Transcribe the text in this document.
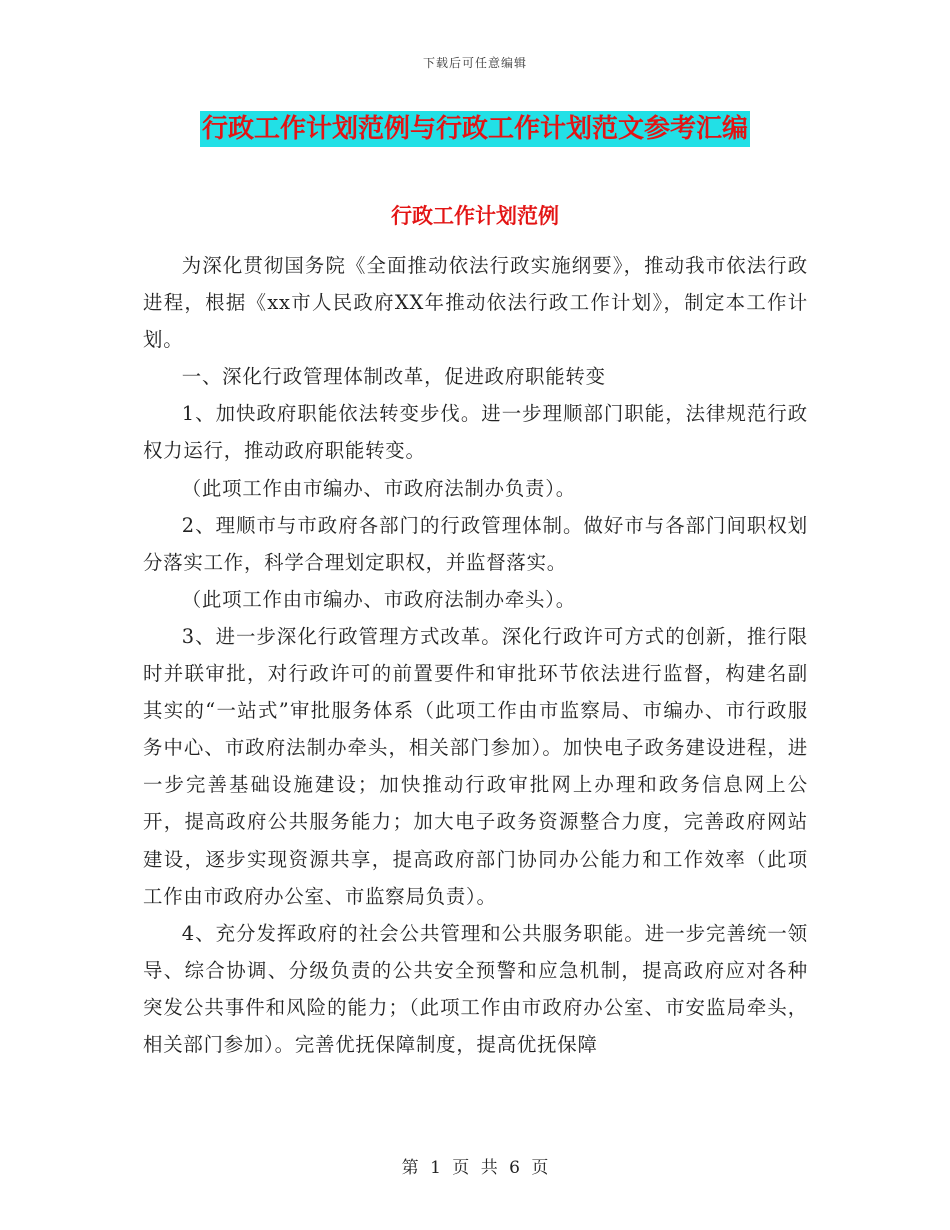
下载后可任意编辑
行政工作计划范例与行政工作计划范文参考汇编
行政工作计划范例

为深化贯彻国务院《全面推动依法行政实施纲要》，推动我市依法行政进程，根据《xx市人民政府XX年推动依法行政工作计划》，制定本工作计划。

一、深化行政管理体制改革，促进政府职能转变

1、加快政府职能依法转变步伐。进一步理顺部门职能，法律规范行政权力运行，推动政府职能转变。

（此项工作由市编办、市政府法制办负责）。

2、理顺市与市政府各部门的行政管理体制。做好市与各部门间职权划分落实工作，科学合理划定职权，并监督落实。

（此项工作由市编办、市政府法制办牵头）。

3、进一步深化行政管理方式改革。深化行政许可方式的创新，推行限时并联审批，对行政许可的前置要件和审批环节依法进行监督，构建名副其实的“一站式”审批服务体系（此项工作由市监察局、市编办、市行政服务中心、市政府法制办牵头，相关部门参加）。加快电子政务建设进程，进一步完善基础设施建设；加快推动行政审批网上办理和政务信息网上公开，提高政府公共服务能力；加大电子政务资源整合力度，完善政府网站建设，逐步实现资源共享，提高政府部门协同办公能力和工作效率（此项工作由市政府办公室、市监察局负责）。

4、充分发挥政府的社会公共管理和公共服务职能。进一步完善统一领导、综合协调、分级负责的公共安全预警和应急机制，提高政府应对各种突发公共事件和风险的能力；（此项工作由市政府办公室、市安监局牵头，相关部门参加）。完善优抚保障制度，提高优抚保障

第 1 页 共 6 页
